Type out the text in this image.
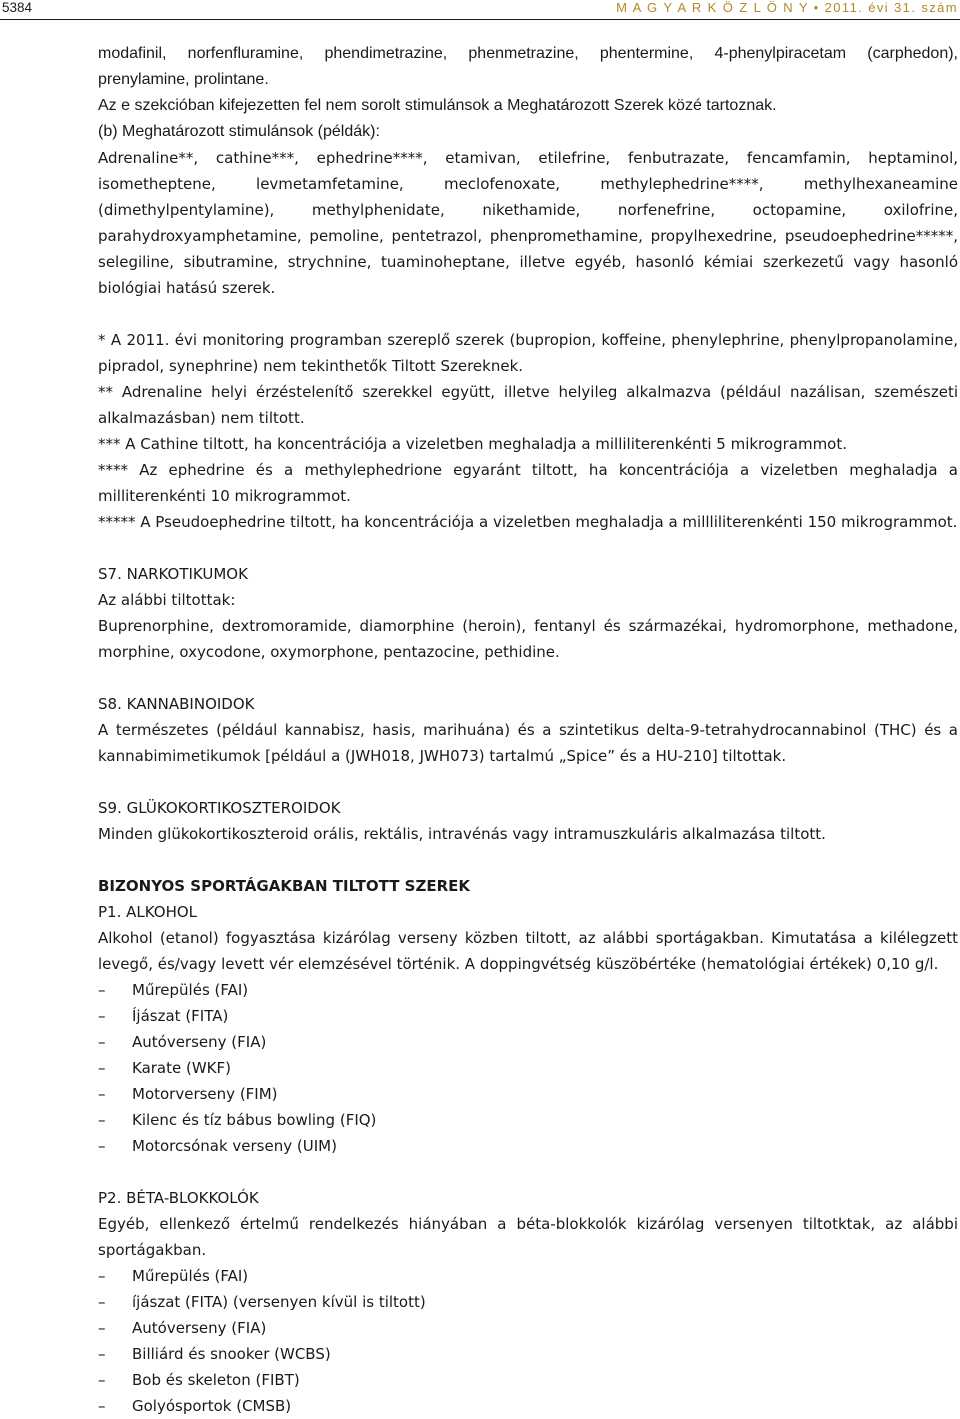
5384	M A G Y A R K Ö Z L Ö N Y • 2011. évi 31. szám

modafinil, norfenfluramine, phendimetrazine, phenmetrazine, phentermine, 4-phenylpiracetam (carphedon),

prenylamine, prolintane.

Az e szekcióban kifejezetten fel nem sorolt stimulánsok a Meghatározott Szerek közé tartoznak.

(b) Meghatározott stimulánsok (példák):

Adrenaline**, cathine***, ephedrine****, etamivan, etilefrine, fenbutrazate, fencamfamin, heptaminol, isometheptene, levmetamfetamine, meclofenoxate, methylephedrine****, methylhexaneamine (dimethylpentylamine), methylphenidate, nikethamide, norfenefrine, octopamine, oxilofrine, parahydroxyamphetamine, pemoline, pentetrazol, phenpromethamine, propylhexedrine, pseudoephedrine*****, selegiline, sibutramine, strychnine, tuaminoheptane, illetve egyéb, hasonló kémiai szerkezetű vagy hasonló biológiai hatású szerek.

* A 2011. évi monitoring programban szereplő szerek (bupropion, koffeine, phenylephrine, phenylpropanolamine, pipradol, synephrine) nem tekinthetők Tiltott Szereknek.

** Adrenaline helyi érzéstelenítő szerekkel együtt, illetve helyileg alkalmazva (például nazálisan, szemészeti alkalmazásban) nem tiltott.

*** A Cathine tiltott, ha koncentrációja a vizeletben meghaladja a milliliterenkénti 5 mikrogrammot.

**** Az ephedrine és a methylephedrione egyaránt tiltott, ha koncentrációja a vizeletben meghaladja a milliterenkénti 10 mikrogrammot.

***** A Pseudoephedrine tiltott, ha koncentrációja a vizeletben meghaladja a millliliterenkénti 150 mikrogrammot.

S7. NARKOTIKUMOK

Az alábbi tiltottak:

Buprenorphine, dextromoramide, diamorphine (heroin), fentanyl és származékai, hydromorphone, methadone, morphine, oxycodone, oxymorphone, pentazocine, pethidine.

S8. KANNABINOIDOK

A természetes (például kannabisz, hasis, marihuána) és a szintetikus delta-9-tetrahydrocannabinol (THC) és a kannabimimetikumok [például a (JWH018, JWH073) tartalmú „Spice” és a HU-210] tiltottak.

S9. GLÜKOKORTIKOSZTEROIDOK

Minden glükokortikoszteroid orális, rektális, intravénás vagy intramuszkuláris alkalmazása tiltott.

BIZONYOS SPORTÁGAKBAN TILTOTT SZEREK

P1. ALKOHOL

Alkohol (etanol) fogyasztása kizárólag verseny közben tiltott, az alábbi sportágakban. Kimutatása a kilélegzett levegő, és/vagy levett vér elemzésével történik. A doppingvétség küszöbértéke (hematológiai értékek) 0,10 g/l.

–	Műrepülés (FAI)

–	Íjászat (FITA)

–	Autóverseny (FIA)

–	Karate (WKF)

–	Motorverseny (FIM)

–	Kilenc és tíz bábus bowling (FIQ)

–	Motorcsónak verseny (UIM)

P2. BÉTA-BLOKKOLÓK

Egyéb, ellenkező értelmű rendelkezés hiányában a béta-blokkolók kizárólag versenyen tiltotktak, az alábbi sportágakban.

–	Műrepülés (FAI)

–	íjászat (FITA) (versenyen kívül is tiltott)

–	Autóverseny (FIA)

–	Billiárd és snooker (WCBS)

–	Bob és skeleton (FIBT)

–	Golyósportok (CMSB)
